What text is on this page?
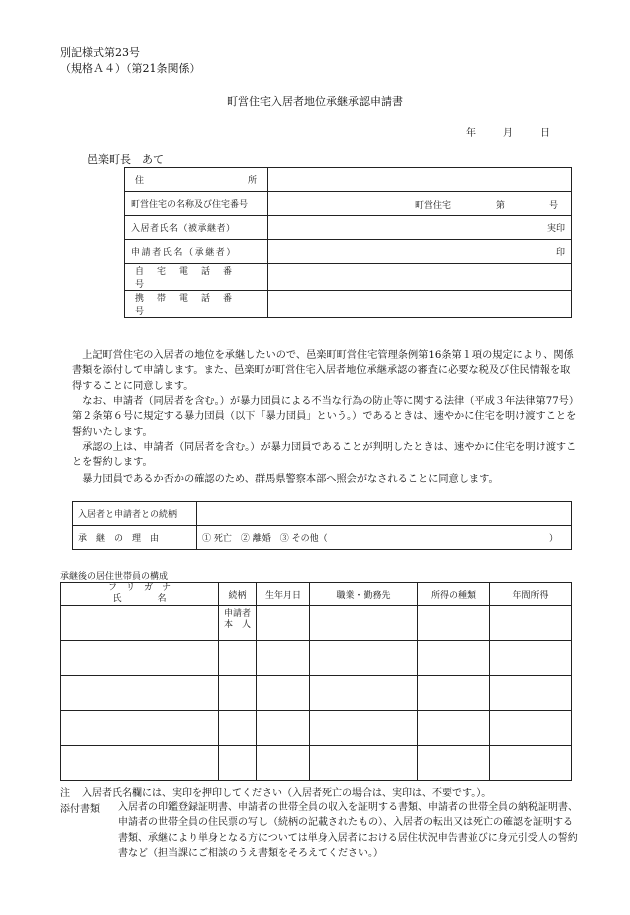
別記様式第23号
（規格Ａ４）（第21条関係）
町営住宅入居者地位承継承認申請書
年	月	日
邑楽町長　あて
住 所	

町営住宅の名称及び住宅番号	町営住宅 第 号

入居者氏名（被承継者）	実印
申請者氏名（承継者）	印
自宅電話番号	
携帯電話番号	
上記町営住宅の入居者の地位を承継したいので、邑楽町町営住宅管理条例第16条第１項の規定により、関係書類を添付して申請します。また、邑楽町が町営住宅入居者地位承継承認の審査に必要な税及び住民情報を取得することに同意します。
なお、申請者（同居者を含む。）が暴力団員による不当な行為の防止等に関する法律（平成３年法律第77号）第２条第６号に規定する暴力団員（以下「暴力団員」という。）であるときは、速やかに住宅を明け渡すことを誓約いたします。
承認の上は、申請者（同居者を含む。）が暴力団員であることが判明したときは、速やかに住宅を明け渡すことを誓約します。
暴力団員であるか否かの確認のため、群馬県警察本部へ照会がなされることに同意します。
入居者と申請者との続柄	
承継の理由	① 死亡　② 離婚　③ その他（ ）
承継後の居住世帯員の構成
フ　リ　ガ　ナ
氏　　　　名	続柄	生年月日	職業・勤務先	所得の種類	年間所得

	申請者
本　人				

注 入居者氏名欄には、実印を押印してください（入居者死亡の場合は、実印は、不要です。）。
添付書類 入居者の印鑑登録証明書、申請者の世帯全員の収入を証明する書類、申請者の世帯全員の納税証明書、申請者の世帯全員の住民票の写し（続柄の記載されたもの）、入居者の転出又は死亡の確認を証明する書類、承継により単身となる方については単身入居者における居住状況申告書並びに身元引受人の誓約書など（担当課にご相談のうえ書類をそろえてください。）
